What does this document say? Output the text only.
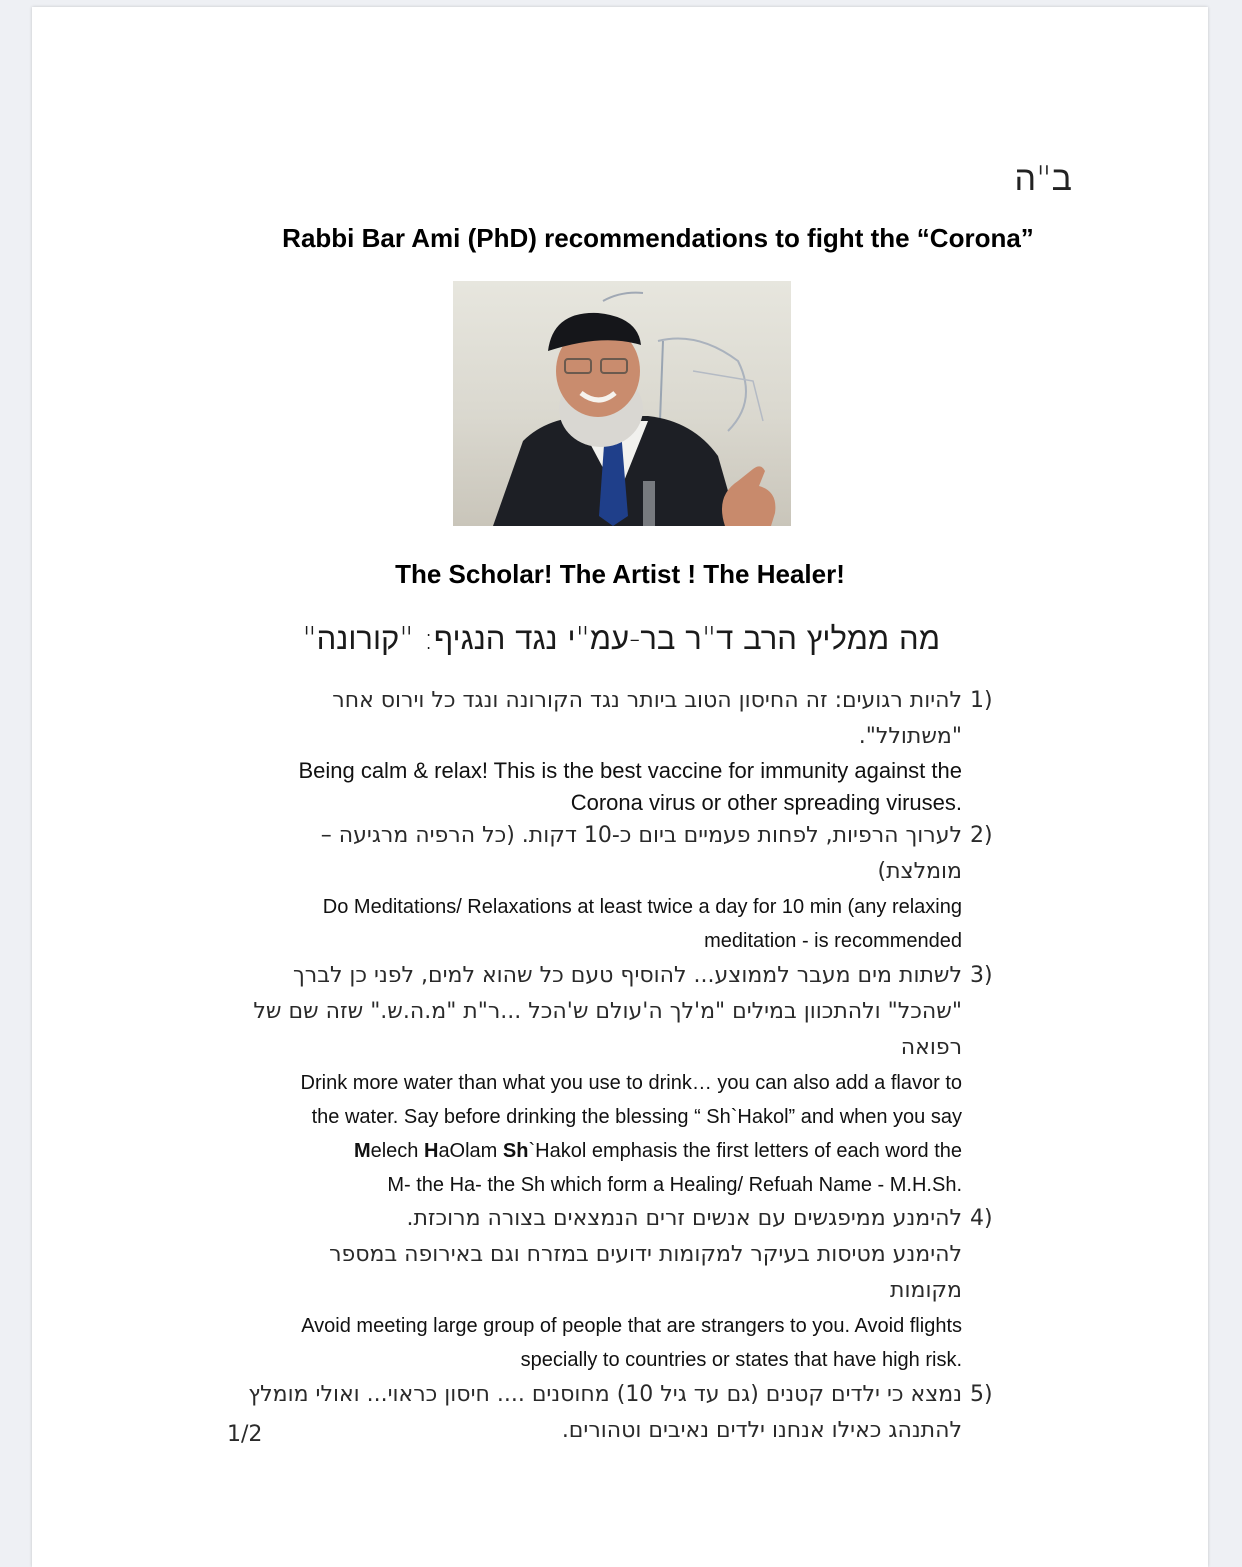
ב"ה
Rabbi Bar Ami (PhD) recommendations to fight the “Corona”
The Scholar! The Artist ! The Healer!
מה ממליץ הרב ד"ר בר-עמ"י נגד הנגיף: "קורונה"
1)
להיות רגועים: זה החיסון הטוב ביותר נגד הקורונה ונגד כל וירוס אחר
"משתולל".
Being calm & relax! This is the best vaccine for immunity against the
Corona virus or other spreading viruses.
2)
לערוך הרפיות, לפחות פעמיים ביום כ-10 דקות. (כל הרפיה מרגיעה –
מומלצת)
Do Meditations/ Relaxations at least twice a day for 10 min (any relaxing
meditation - is recommended
3)
לשתות מים מעבר לממוצע... להוסיף טעם כל שהוא למים, לפני כן לברך
"שהכל" ולהתכוון במילים "מ'לך ה'עולם ש'הכל ...ר"ת "מ.ה.ש." שזה שם של
רפואה
Drink more water than what you use to drink… you can also add a flavor to
the water. Say before drinking the blessing “ Sh`Hakol” and when you say
Melech HaOlam Sh`Hakol emphasis the first letters of each word the
M- the Ha- the Sh which form a Healing/ Refuah Name - M.H.Sh.
4)
להימנע ממיפגשים עם אנשים זרים הנמצאים בצורה מרוכזת.
להימנע מטיסות בעיקר למקומות ידועים במזרח וגם באירופה במספר
מקומות
Avoid meeting large group of people that are strangers to you. Avoid flights
specially to countries or states that have high risk.
5)
נמצא כי ילדים קטנים (גם עד גיל 10) מחוסנים .... חיסון כראוי... ואולי מומלץ
להתנהג כאילו אנחנו ילדים נאיבים וטהורים.
1/2
